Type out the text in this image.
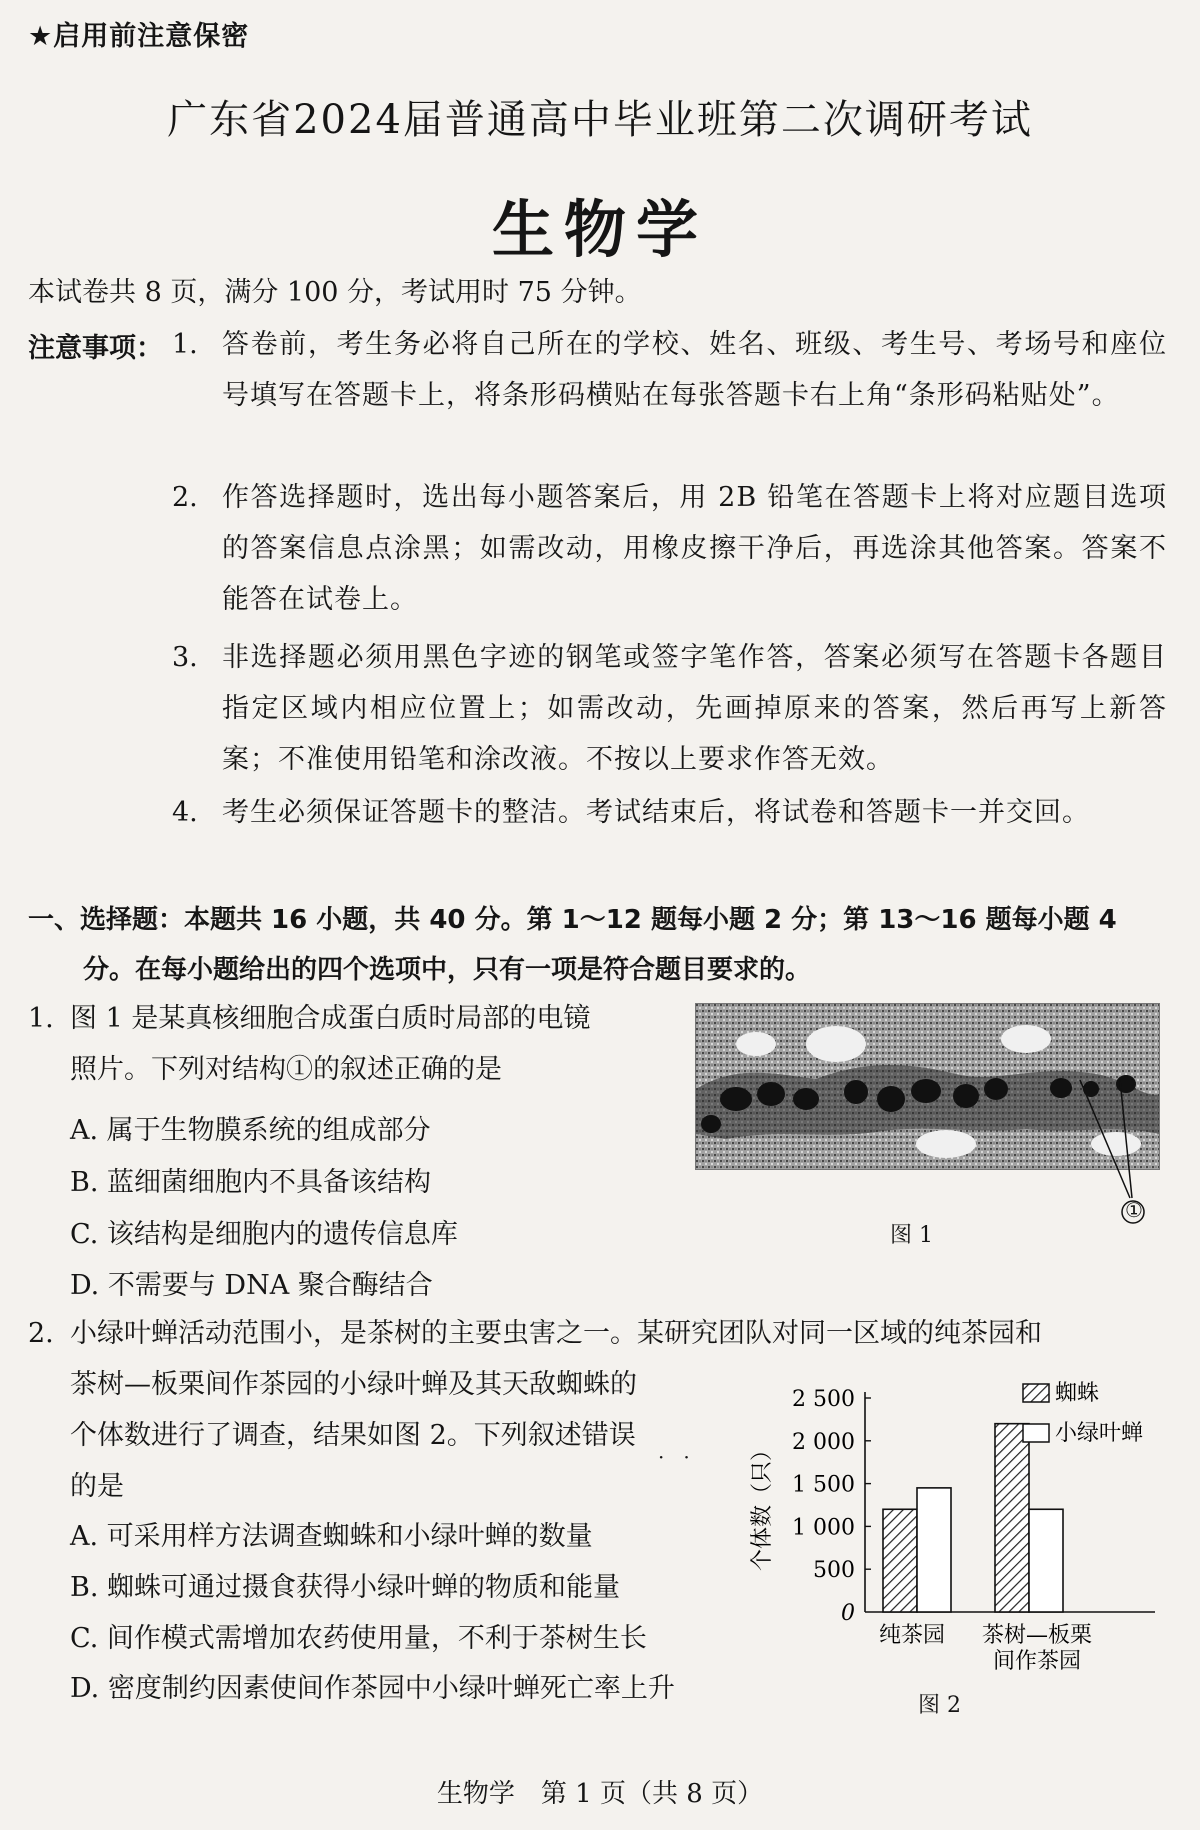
★启用前注意保密
广东省2024届普通高中毕业班第二次调研考试
生物学
本试卷共 8 页，满分 100 分，考试用时 75 分钟。
注意事项： 1. 答卷前，考生务必将自己所在的学校、姓名、班级、考生号、考场号和座位号填写在答题卡上，将条形码横贴在每张答题卡右上角“条形码粘贴处”。
2. 作答选择题时，选出每小题答案后，用 2B 铅笔在答题卡上将对应题目选项的答案信息点涂黑；如需改动，用橡皮擦干净后，再选涂其他答案。答案不能答在试卷上。
3. 非选择题必须用黑色字迹的钢笔或签字笔作答，答案必须写在答题卡各题目指定区域内相应位置上；如需改动，先画掉原来的答案，然后再写上新答案；不准使用铅笔和涂改液。不按以上要求作答无效。
4. 考生必须保证答题卡的整洁。考试结束后，将试卷和答题卡一并交回。
一、选择题：本题共 16 小题，共 40 分。第 1～12 题每小题 2 分；第 13～16 题每小题 4
分。在每小题给出的四个选项中，只有一项是符合题目要求的。
1. 图 1 是某真核细胞合成蛋白质时局部的电镜
照片。下列对结构①的叙述正确的是
A. 属于生物膜系统的组成部分
B. 蓝细菌细胞内不具备该结构
C. 该结构是细胞内的遗传信息库
D. 不需要与 DNA 聚合酶结合
①
图 1
2. 小绿叶蝉活动范围小，是茶树的主要虫害之一。某研究团队对同一区域的纯茶园和
茶树—板栗间作茶园的小绿叶蝉及其天敌蜘蛛的
个体数进行了调查，结果如图 2。下列叙述错误
·   ·
的是
A. 可采用样方法调查蜘蛛和小绿叶蝉的数量
B. 蜘蛛可通过摄食获得小绿叶蝉的物质和能量
C. 间作模式需增加农药使用量，不利于茶树生长
D. 密度制约因素使间作茶园中小绿叶蝉死亡率上升
0
500
1 000
1 500
2 000
2 500
个体数（只）
纯茶园 茶树—板栗
间作茶园
蜘蛛
小绿叶蝉
图 2
生物学　第 1 页（共 8 页）
